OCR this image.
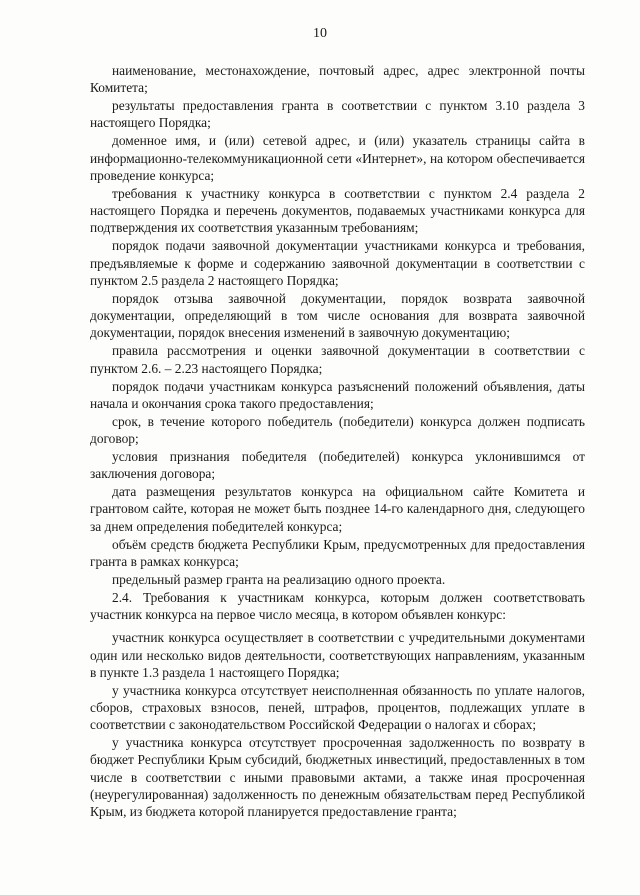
10

наименование, местонахождение, почтовый адрес, адрес электронной почты Комитета;

результаты предоставления гранта в соответствии с пунктом 3.10 раздела 3 настоящего Порядка;

доменное имя, и (или) сетевой адрес, и (или) указатель страницы сайта в информационно-телекоммуникационной сети «Интернет», на котором обеспечивается проведение конкурса;

требования к участнику конкурса в соответствии с пунктом 2.4 раздела 2 настоящего Порядка и перечень документов, подаваемых участниками конкурса для подтверждения их соответствия указанным требованиям;

порядок подачи заявочной документации участниками конкурса и требования, предъявляемые к форме и содержанию заявочной документации в соответствии с пунктом 2.5 раздела 2 настоящего Порядка;

порядок отзыва заявочной документации, порядок возврата заявочной документации, определяющий в том числе основания для возврата заявочной документации, порядок внесения изменений в заявочную документацию;

правила рассмотрения и оценки заявочной документации в соответствии с пунктом 2.6. – 2.23 настоящего Порядка;

порядок подачи участникам конкурса разъяснений положений объявления, даты начала и окончания срока такого предоставления;

срок, в течение которого победитель (победители) конкурса должен подписать договор;

условия признания победителя (победителей) конкурса уклонившимся от заключения договора;

дата размещения результатов конкурса на официальном сайте Комитета и грантовом сайте, которая не может быть позднее 14-го календарного дня, следующего за днем определения победителей конкурса;

объём средств бюджета Республики Крым, предусмотренных для предоставления гранта в рамках конкурса;

предельный размер гранта на реализацию одного проекта.

2.4. Требования к участникам конкурса, которым должен соответствовать участник конкурса на первое число месяца, в котором объявлен конкурс:

участник конкурса осуществляет в соответствии с учредительными документами один или несколько видов деятельности, соответствующих направлениям, указанным в пункте 1.3 раздела 1 настоящего Порядка;

у участника конкурса отсутствует неисполненная обязанность по уплате налогов, сборов, страховых взносов, пеней, штрафов, процентов, подлежащих уплате в соответствии с законодательством Российской Федерации о налогах и сборах;

у участника конкурса отсутствует просроченная задолженность по возврату в бюджет Республики Крым субсидий, бюджетных инвестиций, предоставленных в том числе в соответствии с иными правовыми актами, а также иная просроченная (неурегулированная) задолженность по денежным обязательствам перед Республикой Крым, из бюджета которой планируется предоставление гранта;
